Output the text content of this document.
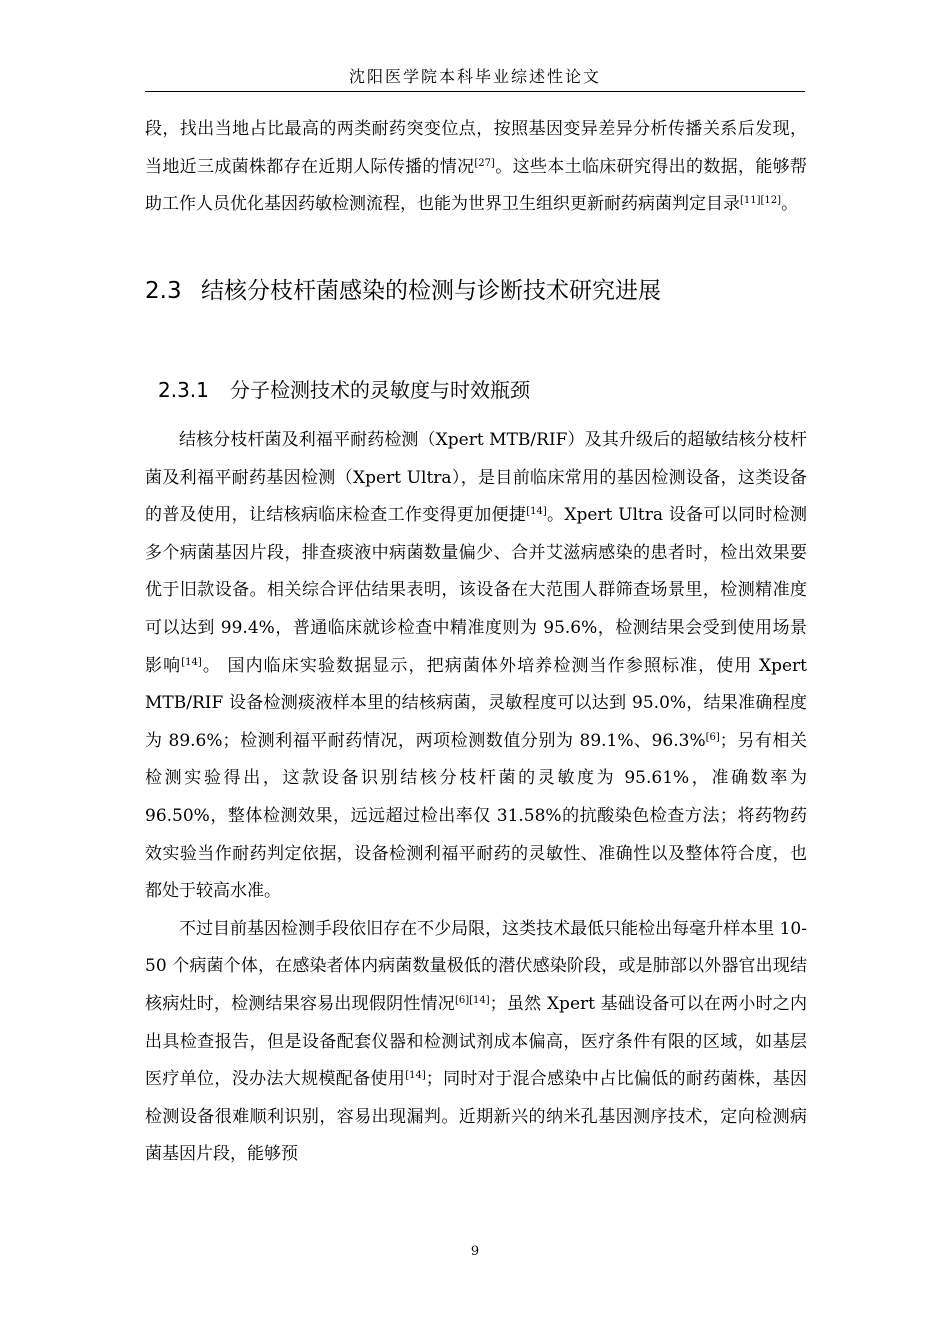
沈阳医学院本科毕业综述性论文

段，找出当地占比最高的两类耐药突变位点，按照基因变异差异分析传播关系后发现，当地近三成菌株都存在近期人际传播的情况[27]。这些本土临床研究得出的数据，能够帮助工作人员优化基因药敏检测流程，也能为世界卫生组织更新耐药病菌判定目录[11][12]。

2.3 结核分枝杆菌感染的检测与诊断技术研究进展
2.3.1 分子检测技术的灵敏度与时效瓶颈

结核分枝杆菌及利福平耐药检测（Xpert MTB/RIF）及其升级后的超敏结核分枝杆菌及利福平耐药基因检测（Xpert Ultra），是目前临床常用的基因检测设备，这类设备的普及使用，让结核病临床检查工作变得更加便捷[14]。Xpert Ultra 设备可以同时检测多个病菌基因片段，排查痰液中病菌数量偏少、合并艾滋病感染的患者时，检出效果要优于旧款设备。相关综合评估结果表明，该设备在大范围人群筛查场景里，检测精准度可以达到 99.4%，普通临床就诊检查中精准度则为 95.6%，检测结果会受到使用场景影响[14]。 国内临床实验数据显示，把病菌体外培养检测当作参照标准，使用 Xpert MTB/RIF 设备检测痰液样本里的结核病菌，灵敏程度可以达到 95.0%，结果准确程度为 89.6%；检测利福平耐药情况，两项检测数值分别为 89.1%、96.3%[6]；另有相关检测实验得出，这款设备识别结核分枝杆菌的灵敏度为 95.61%，准确数率为 96.50%，整体检测效果，远远超过检出率仅 31.58%的抗酸染色检查方法；将药物药效实验当作耐药判定依据，设备检测利福平耐药的灵敏性、准确性以及整体符合度，也都处于较高水准。

不过目前基因检测手段依旧存在不少局限，这类技术最低只能检出每毫升样本里 10-50 个病菌个体，在感染者体内病菌数量极低的潜伏感染阶段，或是肺部以外器官出现结核病灶时，检测结果容易出现假阴性情况[6][14]；虽然 Xpert 基础设备可以在两小时之内出具检查报告，但是设备配套仪器和检测试剂成本偏高，医疗条件有限的区域，如基层医疗单位，没办法大规模配备使用[14]；同时对于混合感染中占比偏低的耐药菌株，基因检测设备很难顺利识别，容易出现漏判。近期新兴的纳米孔基因测序技术，定向检测病菌基因片段，能够预

9
